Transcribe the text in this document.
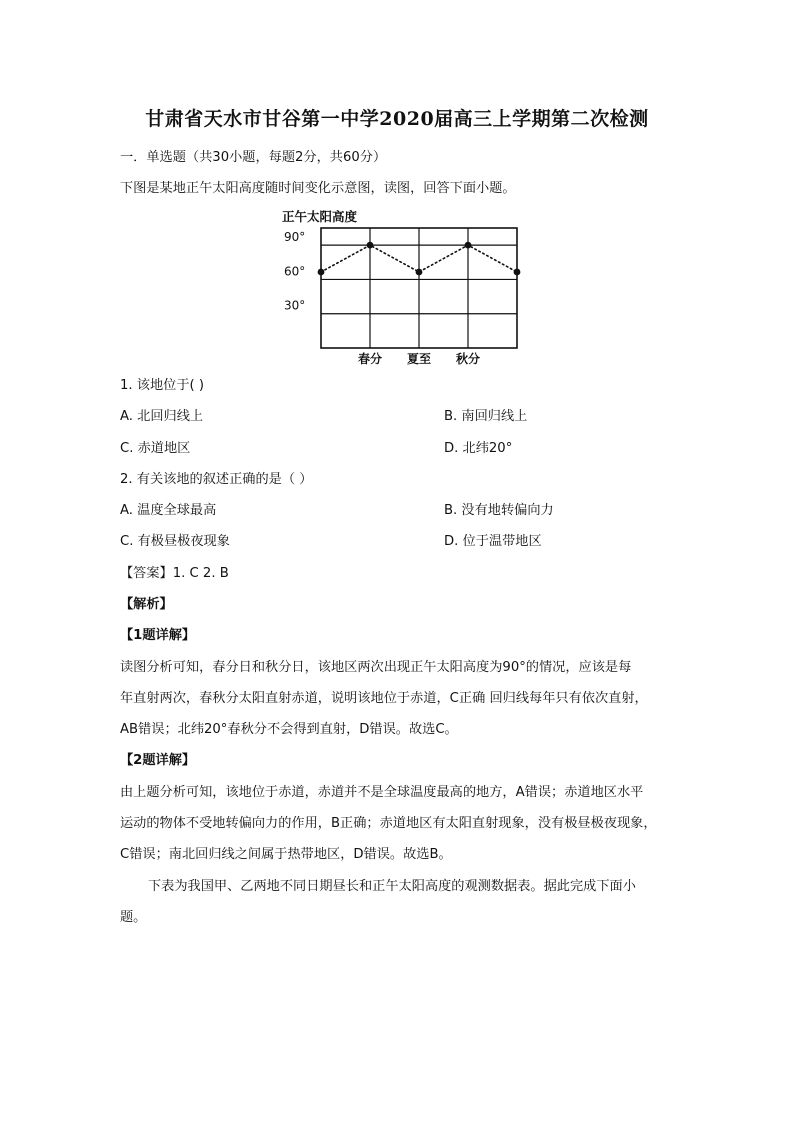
甘肃省天水市甘谷第一中学2020届高三上学期第二次检测
一．单选题（共30小题，每题2分，共60分）
下图是某地正午太阳高度随时间变化示意图，读图，回答下面小题。
正午太阳高度
90°
60°
30°
春分 夏至 秋分
1. 该地位于( )
A. 北回归线上	B. 南回归线上
C. 赤道地区	D. 北纬20°
2. 有关该地的叙述正确的是（ ）
A. 温度全球最高	B. 没有地转偏向力
C. 有极昼极夜现象	D. 位于温带地区
【答案】1. C 2. B
【解析】
【1题详解】
读图分析可知，春分日和秋分日，该地区两次出现正午太阳高度为90°的情况，应该是每
年直射两次，春秋分太阳直射赤道，说明该地位于赤道，C正确 回归线每年只有依次直射，
AB错误；北纬20°春秋分不会得到直射，D错误。故选C。
【2题详解】
由上题分析可知，该地位于赤道，赤道并不是全球温度最高的地方，A错误；赤道地区水平
运动的物体不受地转偏向力的作用，B正确；赤道地区有太阳直射现象，没有极昼极夜现象，
C错误；南北回归线之间属于热带地区，D错误。故选B。
下表为我国甲、乙两地不同日期昼长和正午太阳高度的观测数据表。据此完成下面小
题。
